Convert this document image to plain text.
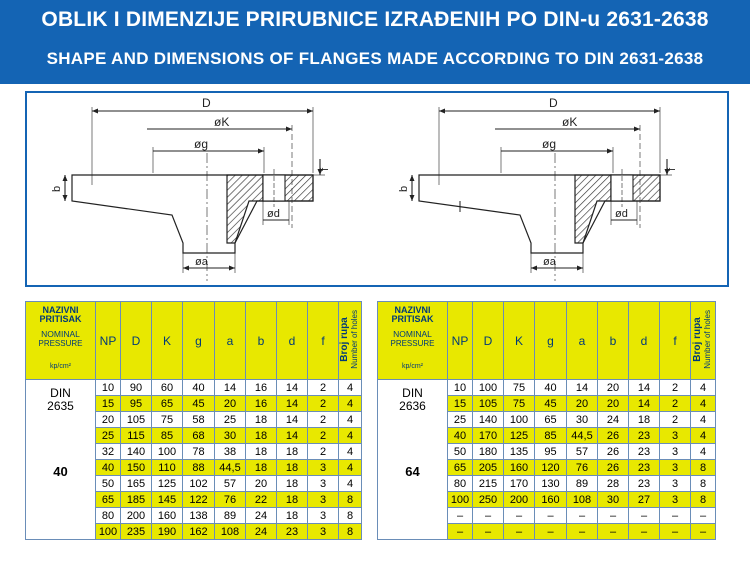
OBLIK I DIMENZIJE PRIRUBNICE IZRAĐENIH PO DIN-u 2631-2638
SHAPE AND DIMENSIONS OF FLANGES MADE ACCORDING TO DIN 2631-2638
D
øK
øg
ød
øa
b
f
D
øK
øg
ød
øa
b
f
NAZIVNI
PRITISAK
NOMINAL
PRESSURE
kp/cm²	NP	D	K	g	a	b	d	f	Broj rupa
Number of holes
DIN
2635
40	10	90	60	40	14	16	14	2	4
	15	95	65	45	20	16	14	2	4
	20	105	75	58	25	18	14	2	4
	25	115	85	68	30	18	14	2	4
	32	140	100	78	38	18	18	2	4
	40	150	110	88	44,5	18	18	3	4
	50	165	125	102	57	20	18	3	4
	65	185	145	122	76	22	18	3	8
	80	200	160	138	89	24	18	3	8
	100	235	190	162	108	24	23	3	8
NAZIVNI
PRITISAK
NOMINAL
PRESSURE
kp/cm²	NP	D	K	g	a	b	d	f	Broj rupa
Number of holes
DIN
2636
64	10	100	75	40	14	20	14	2	4
	15	105	75	45	20	20	14	2	4
	25	140	100	65	30	24	18	2	4
	40	170	125	85	44,5	26	23	3	4
	50	180	135	95	57	26	23	3	4
	65	205	160	120	76	26	23	3	8
	80	215	170	130	89	28	23	3	8
	100	250	200	160	108	30	27	3	8
	–	–	–	–	–	–	–	–	–
	–	–	–	–	–	–	–	–	–
